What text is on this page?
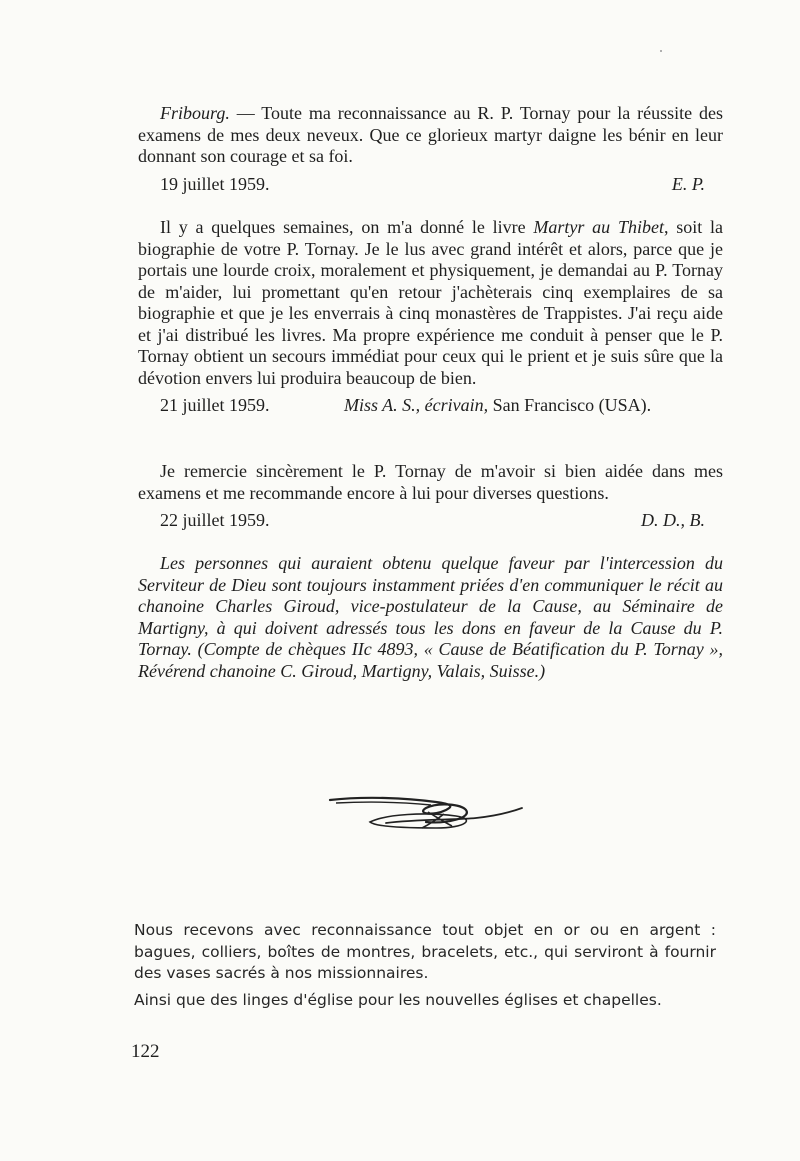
Fribourg. — Toute ma reconnaissance au R. P. Tornay pour la réussite des examens de mes deux neveux. Que ce glorieux martyr daigne les bénir en leur donnant son courage et sa foi.

19 juillet 1959.	E. P.

Il y a quelques semaines, on m'a donné le livre Martyr au Thibet, soit la biographie de votre P. Tornay. Je le lus avec grand intérêt et alors, parce que je portais une lourde croix, moralement et physiquement, je demandai au P. Tornay de m'aider, lui promettant qu'en retour j'achèterais cinq exemplaires de sa biographie et que je les enverrais à cinq monastères de Trappistes. J'ai reçu aide et j'ai distribué les livres. Ma propre expérience me conduit à penser que le P. Tornay obtient un secours immédiat pour ceux qui le prient et je suis sûre que la dévotion envers lui produira beaucoup de bien.

21 juillet 1959.	Miss A. S., écrivain, San Francisco (USA).

Je remercie sincèrement le P. Tornay de m'avoir si bien aidée dans mes examens et me recommande encore à lui pour diverses questions.

22 juillet 1959.	D. D., B.

Les personnes qui auraient obtenu quelque faveur par l'intercession du Serviteur de Dieu sont toujours instamment priées d'en communiquer le récit au chanoine Charles Giroud, vice-postulateur de la Cause, au Séminaire de Martigny, à qui doivent adressés tous les dons en faveur de la Cause du P. Tornay. (Compte de chèques IIc 4893, « Cause de Béatification du P. Tornay », Révérend chanoine C. Giroud, Martigny, Valais, Suisse.)

Nous recevons avec reconnaissance tout objet en or ou en argent : bagues, colliers, boîtes de montres, bracelets, etc., qui serviront à fournir des vases sacrés à nos missionnaires.

Ainsi que des linges d'église pour les nouvelles églises et chapelles.

122
